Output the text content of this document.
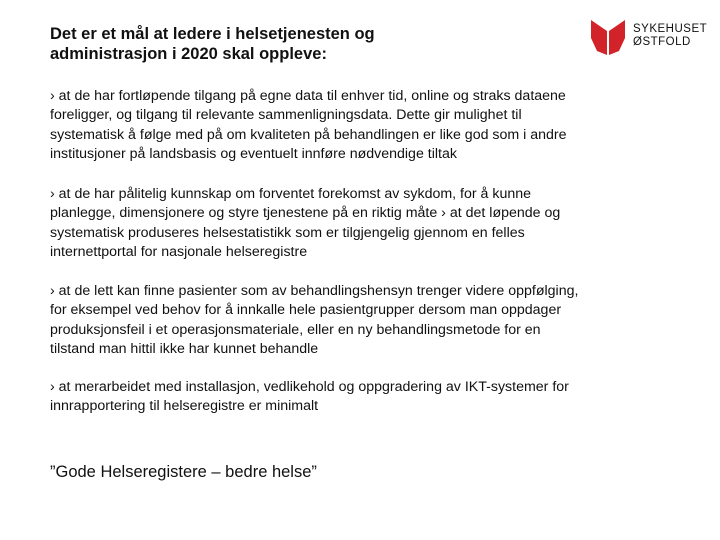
Det er et mål at ledere i helsetjenesten og
administrasjon i 2020 skal oppleve:
SYKEHUSET
ØSTFOLD
› at de har fortløpende tilgang på egne data til enhver tid, online og straks dataene
foreligger, og tilgang til relevante sammenligningsdata. Dette gir mulighet til
systematisk å følge med på om kvaliteten på behandlingen er like god som i andre
institusjoner på landsbasis og eventuelt innføre nødvendige tiltak
› at de har pålitelig kunnskap om forventet forekomst av sykdom, for å kunne
planlegge, dimensjonere og styre tjenestene på en riktig måte › at det løpende og
systematisk produseres helsestatistikk som er tilgjengelig gjennom en felles
internettportal for nasjonale helseregistre
› at de lett kan finne pasienter som av behandlingshensyn trenger videre oppfølging,
for eksempel ved behov for å innkalle hele pasientgrupper dersom man oppdager
produksjonsfeil i et operasjonsmateriale, eller en ny behandlingsmetode for en
tilstand man hittil ikke har kunnet behandle
› at merarbeidet med installasjon, vedlikehold og oppgradering av IKT-systemer for
innrapportering til helseregistre er minimalt
”Gode Helseregistere – bedre helse”
